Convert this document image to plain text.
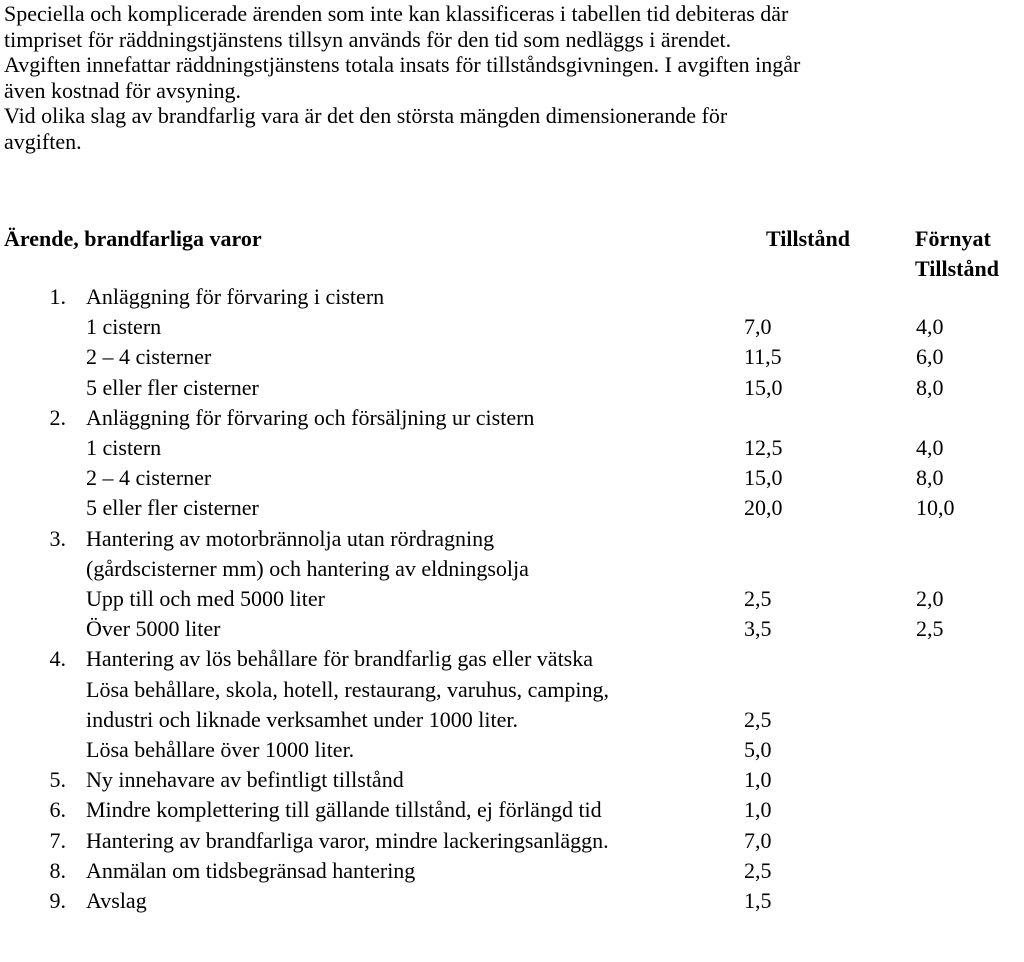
Speciella och komplicerade ärenden som inte kan klassificeras i tabellen tid debiteras där

timpriset för räddningstjänstens tillsyn används för den tid som nedläggs i ärendet.

Avgiften innefattar räddningstjänstens totala insats för tillståndsgivningen. I avgiften ingår

även kostnad för avsyning.

Vid olika slag av brandfarlig vara är det den största mängden dimensionerande för

avgiften.

Ärende, brandfarliga varor	Tillstånd	Förnyat
Tillstånd
1. Anläggning för förvaring i cistern
1 cistern	7,0	4,0
2 – 4 cisterner	11,5	6,0
5 eller fler cisterner	15,0	8,0
2. Anläggning för förvaring och försäljning ur cistern
1 cistern	12,5	4,0
2 – 4 cisterner	15,0	8,0
5 eller fler cisterner	20,0	10,0
3. Hantering av motorbrännolja utan rördragning
(gårdscisterner mm) och hantering av eldningsolja
Upp till och med 5000 liter	2,5	2,0
Över 5000 liter	3,5	2,5
4. Hantering av lös behållare för brandfarlig gas eller vätska
Lösa behållare, skola, hotell, restaurang, varuhus, camping,
industri och liknade verksamhet under 1000 liter.	2,5
Lösa behållare över 1000 liter.	5,0
5. Ny innehavare av befintligt tillstånd	1,0
6. Mindre komplettering till gällande tillstånd, ej förlängd tid	1,0
7. Hantering av brandfarliga varor, mindre lackeringsanläggn.	7,0
8. Anmälan om tidsbegränsad hantering	2,5
9. Avslag	1,5
